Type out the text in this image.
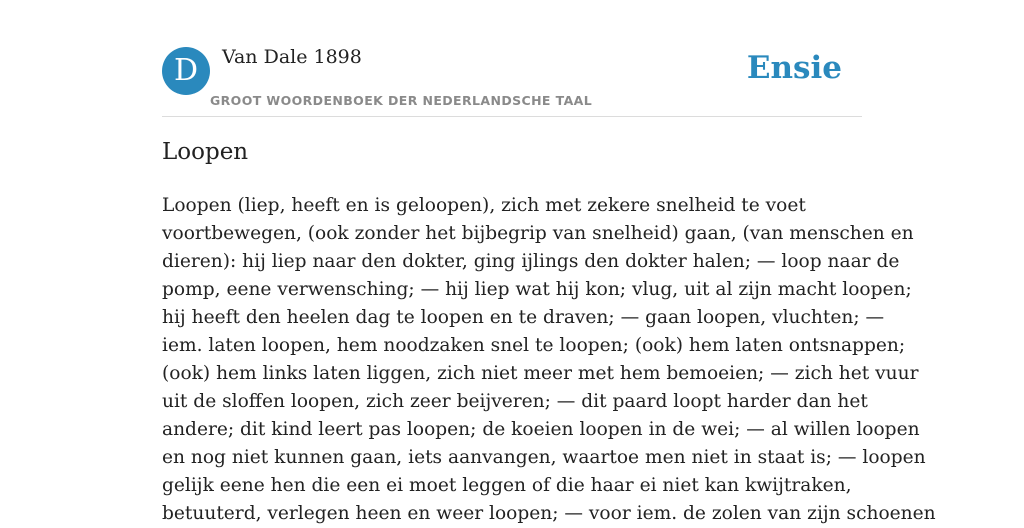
D	Van Dale 1898
GROOT WOORDENBOEK DER NEDERLANDSCHE TAAL
Ensie
Loopen
Loopen (liep, heeft en is geloopen), zich met zekere snelheid te voet
voortbewegen, (ook zonder het bijbegrip van snelheid) gaan, (van menschen en
dieren): hij liep naar den dokter, ging ijlings den dokter halen; — loop naar de
pomp, eene verwensching; — hij liep wat hij kon; vlug, uit al zijn macht loopen;
hij heeft den heelen dag te loopen en te draven; — gaan loopen, vluchten; —
iem. laten loopen, hem noodzaken snel te loopen; (ook) hem laten ontsnappen;
(ook) hem links laten liggen, zich niet meer met hem bemoeien; — zich het vuur
uit de sloffen loopen, zich zeer beijveren; — dit paard loopt harder dan het
andere; dit kind leert pas loopen; de koeien loopen in de wei; — al willen loopen
en nog niet kunnen gaan, iets aanvangen, waartoe men niet in staat is; — loopen
gelijk eene hen die een ei moet leggen of die haar ei niet kan kwijtraken,
betuuterd, verlegen heen en weer loopen; — voor iem. de zolen van zijn schoenen
